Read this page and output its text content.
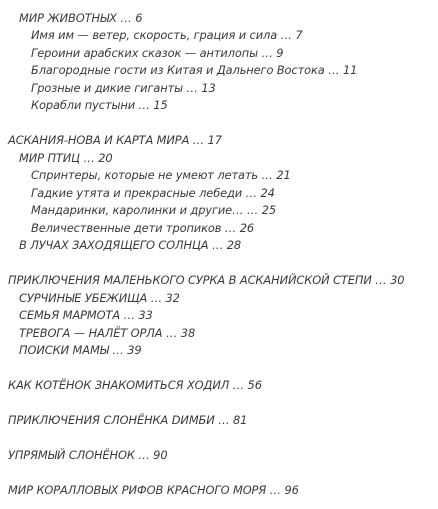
МИР ЖИВОТНЫХ … 6
Имя им — ветер, скорость, грация и сила … 7
Героини арабских сказок — антилопы … 9
Благородные гости из Китая и Дальнего Востока … 11
Грозные и дикие гиганты … 13
Корабли пустыни … 15
АСКАНИЯ-НОВА И КАРТА МИРА … 17
МИР ПТИЦ … 20
Спринтеры, которые не умеют летать … 21
Гадкие утята и прекрасные лебеди … 24
Мандаринки, каролинки и другие… … 25
Величественные дети тропиков … 26
В ЛУЧАХ ЗАХОДЯЩЕГО СОЛНЦА … 28
ПРИКЛЮЧЕНИЯ МАЛЕНЬКОГО СУРКА В АСКАНИЙСКОЙ СТЕПИ … 30
СУРЧИНЫЕ УБЕЖИЩА … 32
СЕМЬЯ МАРМОТА … 33
ТРЕВОГА — НАЛЁТ ОРЛА … 38
ПОИСКИ МАМЫ … 39
КАК КОТЁНОК ЗНАКОМИТЬСЯ ХОДИЛ … 56
ПРИКЛЮЧЕНИЯ СЛОНЁНКА DИМБИ … 81
УПРЯМЫЙ СЛОНЁНОК … 90
МИР КОРАЛЛОВЫХ РИФОВ КРАСНОГО МОРЯ … 96
